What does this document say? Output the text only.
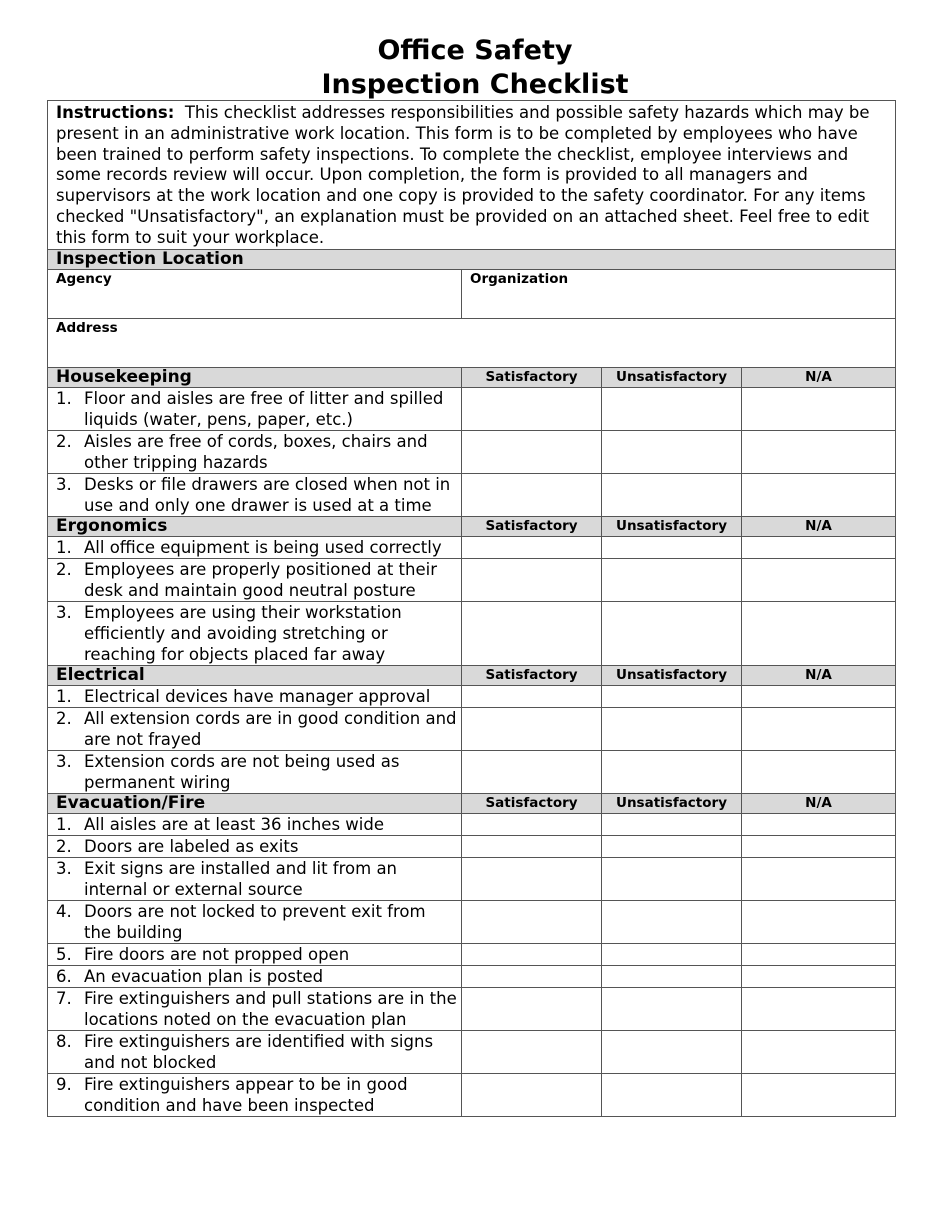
Office Safety
Inspection Checklist
Instructions: This checklist addresses responsibilities and possible safety hazards which may be present in an administrative work location. This form is to be completed by employees who have been trained to perform safety inspections. To complete the checklist, employee interviews and some records review will occur. Upon completion, the form is provided to all managers and supervisors at the work location and one copy is provided to the safety coordinator. For any items checked "Unsatisfactory", an explanation must be provided on an attached sheet. Feel free to edit this form to suit your workplace.			
Inspection Location			
Agency	Organization		
Address			
Housekeeping	Satisfactory	Unsatisfactory	N/A

1. Floor and aisles are free of litter and spilled liquids (water, pens, paper, etc.)			

2. Aisles are free of cords, boxes, chairs and other tripping hazards			

3. Desks or file drawers are closed when not in use and only one drawer is used at a time			

Ergonomics	Satisfactory	Unsatisfactory	N/A

1. All office equipment is being used correctly			

2. Employees are properly positioned at their desk and maintain good neutral posture			

3. Employees are using their workstation efficiently and avoiding stretching or reaching for objects placed far away			

Electrical	Satisfactory	Unsatisfactory	N/A

1. Electrical devices have manager approval			

2. All extension cords are in good condition and are not frayed			

3. Extension cords are not being used as permanent wiring			

Evacuation/Fire	Satisfactory	Unsatisfactory	N/A

1. All aisles are at least 36 inches wide			

2. Doors are labeled as exits			

3. Exit signs are installed and lit from an internal or external source			

4. Doors are not locked to prevent exit from the building			

5. Fire doors are not propped open			

6. An evacuation plan is posted			

7. Fire extinguishers and pull stations are in the locations noted on the evacuation plan			

8. Fire extinguishers are identified with signs and not blocked			

9. Fire extinguishers appear to be in good condition and have been inspected			
